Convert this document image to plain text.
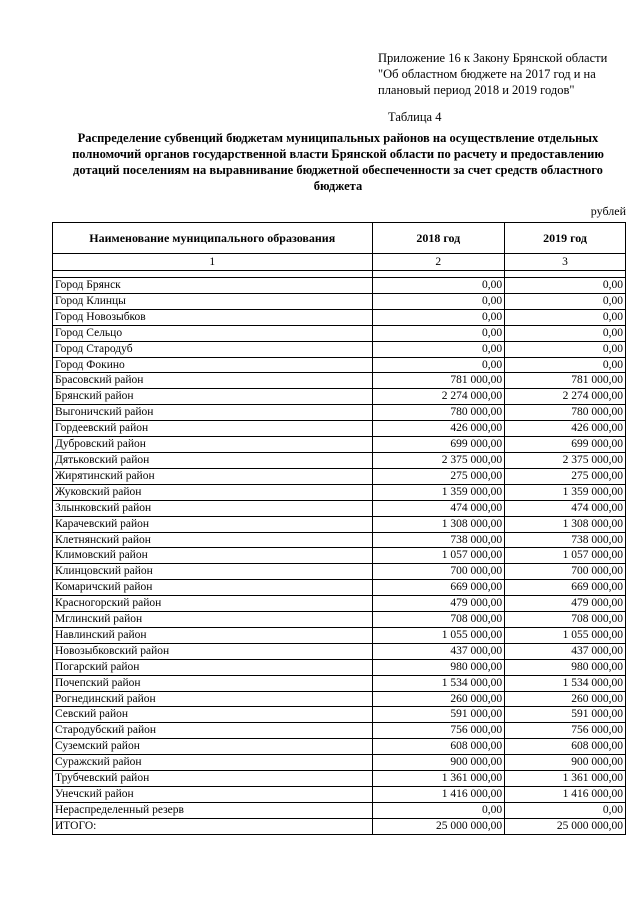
Приложение 16 к Закону Брянской области
"Об областном бюджете на 2017 год и на
плановый период 2018 и 2019 годов"
Таблица 4
Распределение субвенций бюджетам муниципальных районов на осуществление отдельных полномочий органов государственной власти Брянской области по расчету и предоставлению дотаций поселениям на выравнивание бюджетной обеспеченности за счет средств областного бюджета
рублей
Наименование муниципального образования	2018 год	2019 год
1	2	3

Город Брянск	0,00	0,00
Город Клинцы	0,00	0,00
Город Новозыбков	0,00	0,00
Город Сельцо	0,00	0,00
Город Стародуб	0,00	0,00
Город Фокино	0,00	0,00
Брасовский район	781 000,00	781 000,00
Брянский район	2 274 000,00	2 274 000,00
Выгоничский район	780 000,00	780 000,00
Гордеевский район	426 000,00	426 000,00
Дубровский район	699 000,00	699 000,00
Дятьковский район	2 375 000,00	2 375 000,00
Жирятинский район	275 000,00	275 000,00
Жуковский район	1 359 000,00	1 359 000,00
Злынковский район	474 000,00	474 000,00
Карачевский район	1 308 000,00	1 308 000,00
Клетнянский район	738 000,00	738 000,00
Климовский район	1 057 000,00	1 057 000,00
Клинцовский район	700 000,00	700 000,00
Комаричский район	669 000,00	669 000,00
Красногорский район	479 000,00	479 000,00
Мглинский район	708 000,00	708 000,00
Навлинский район	1 055 000,00	1 055 000,00
Новозыбковский район	437 000,00	437 000,00
Погарский район	980 000,00	980 000,00
Почепский район	1 534 000,00	1 534 000,00
Рогнединский район	260 000,00	260 000,00
Севский район	591 000,00	591 000,00
Стародубский район	756 000,00	756 000,00
Суземский район	608 000,00	608 000,00
Суражский район	900 000,00	900 000,00
Трубчевский район	1 361 000,00	1 361 000,00
Унечский район	1 416 000,00	1 416 000,00
Нераспределенный резерв	0,00	0,00
ИТОГО:	25 000 000,00	25 000 000,00
